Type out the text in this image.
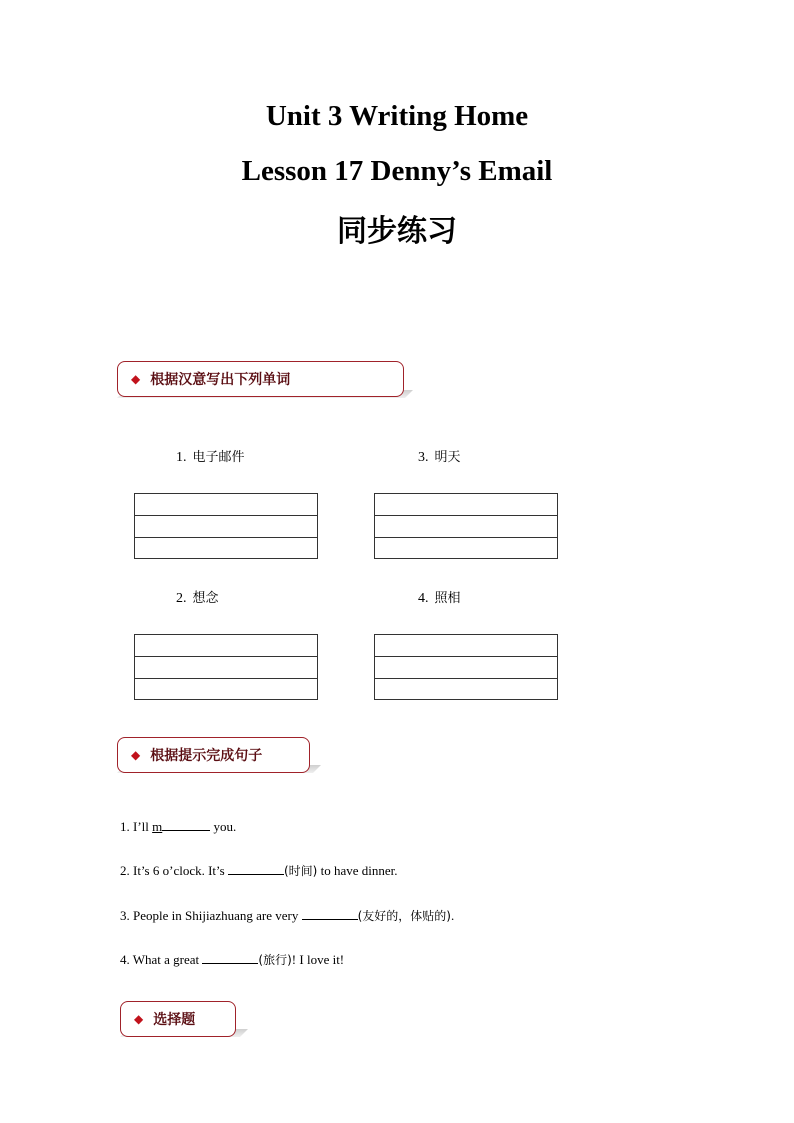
Unit 3 Writing Home
Lesson 17 Denny’s Email
同步练习
◆ 根据汉意写出下列单词
1. 电子邮件	3. 明天
2. 想念	4. 照相
◆ 根据提示完成句子
1. I’ll m	you.
2. It’s 6 o’clock. It’s	(时间) to have dinner.
3. People in Shijiazhuang are very	(友好的，体贴的).
4. What a great	(旅行)! I love it!
◆ 选择题
